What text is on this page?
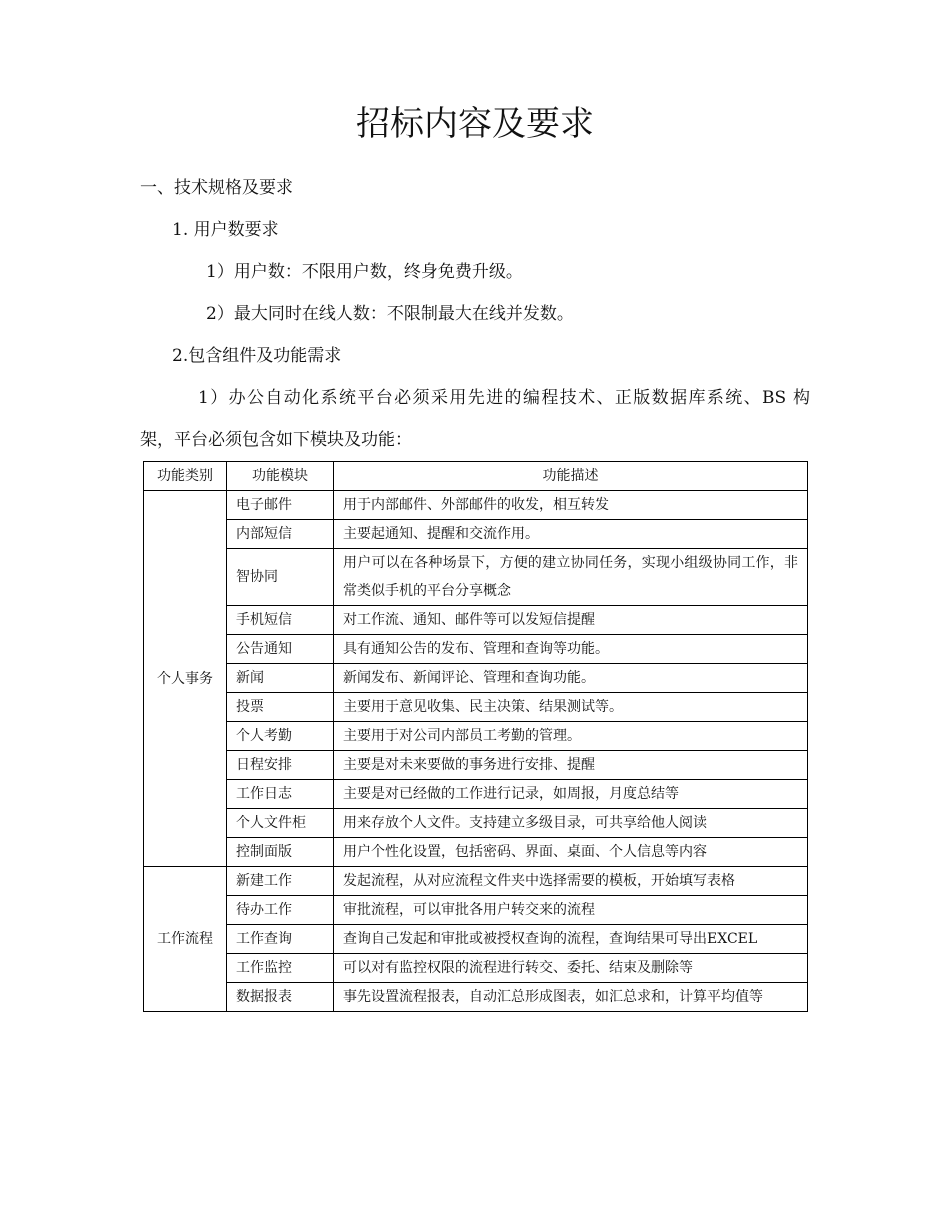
招标内容及要求
一、技术规格及要求
1. 用户数要求
1）用户数：不限用户数，终身免费升级。
2）最大同时在线人数：不限制最大在线并发数。
2.包含组件及功能需求
1）办公自动化系统平台必须采用先进的编程技术、正版数据库系统、BS 构
架，平台必须包含如下模块及功能：
功能类别	功能模块	功能描述
个人事务	电子邮件	用于内部邮件、外部邮件的收发，相互转发
	内部短信	主要起通知、提醒和交流作用。
	智协同	用户可以在各种场景下，方便的建立协同任务，实现小组级协同工作，非常类似手机的平台分享概念
	手机短信	对工作流、通知、邮件等可以发短信提醒
	公告通知	具有通知公告的发布、管理和查询等功能。
	新闻	新闻发布、新闻评论、管理和查询功能。
	投票	主要用于意见收集、民主决策、结果测试等。
	个人考勤	主要用于对公司内部员工考勤的管理。
	日程安排	主要是对未来要做的事务进行安排、提醒
	工作日志	主要是对已经做的工作进行记录，如周报，月度总结等
	个人文件柜	用来存放个人文件。支持建立多级目录，可共享给他人阅读
	控制面版	用户个性化设置，包括密码、界面、桌面、个人信息等内容
工作流程	新建工作	发起流程，从对应流程文件夹中选择需要的模板，开始填写表格
	待办工作	审批流程，可以审批各用户转交来的流程
	工作查询	查询自己发起和审批或被授权查询的流程，查询结果可导出EXCEL
	工作监控	可以对有监控权限的流程进行转交、委托、结束及删除等
	数据报表	事先设置流程报表，自动汇总形成图表，如汇总求和，计算平均值等
